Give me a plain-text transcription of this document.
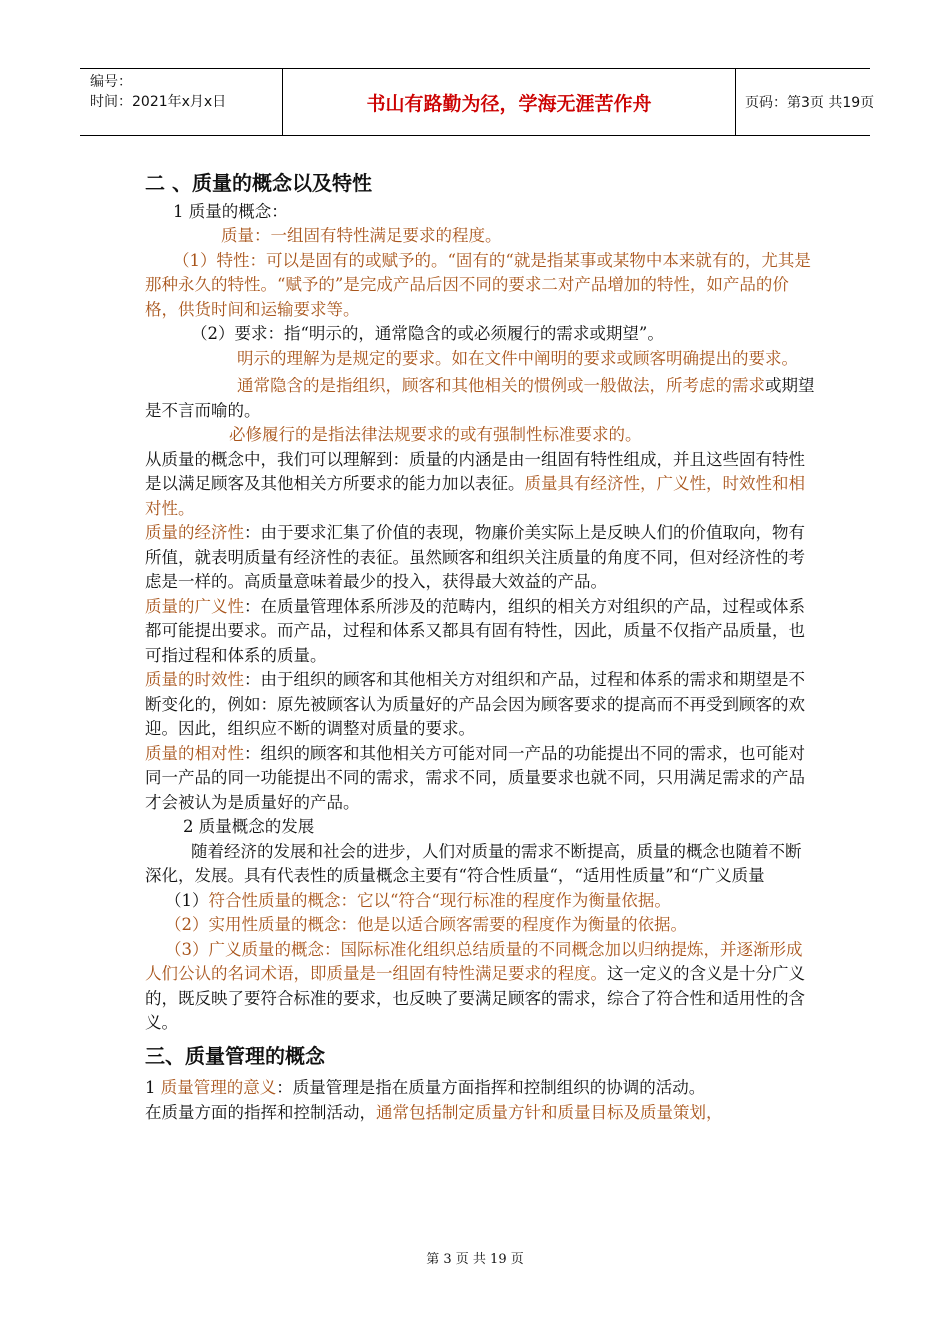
编号：
时间：2021年x月x日	书山有路勤为径，学海无涯苦作舟	页码：第3页 共19页

二 、质量的概念以及特性

1 质量的概念：

质量：一组固有特性满足要求的程度。

（1）特性：可以是固有的或赋予的。“固有的“就是指某事或某物中本来就有的，尤其是那种永久的特性。“赋予的”是完成产品后因不同的要求二对产品增加的特性，如产品的价格，供货时间和运输要求等。

（2）要求：指“明示的，通常隐含的或必须履行的需求或期望”。

明示的理解为是规定的要求。如在文件中阐明的要求或顾客明确提出的要求。

通常隐含的是指组织，顾客和其他相关的惯例或一般做法，所考虑的需求或期望是不言而喻的。

必修履行的是指法律法规要求的或有强制性标准要求的。

从质量的概念中，我们可以理解到：质量的内涵是由一组固有特性组成，并且这些固有特性是以满足顾客及其他相关方所要求的能力加以表征。质量具有经济性，广义性，时效性和相对性。

质量的经济性：由于要求汇集了价值的表现，物廉价美实际上是反映人们的价值取向，物有所值，就表明质量有经济性的表征。虽然顾客和组织关注质量的角度不同，但对经济性的考虑是一样的。高质量意味着最少的投入，获得最大效益的产品。

质量的广义性：在质量管理体系所涉及的范畴内，组织的相关方对组织的产品，过程或体系都可能提出要求。而产品，过程和体系又都具有固有特性，因此，质量不仅指产品质量，也可指过程和体系的质量。

质量的时效性：由于组织的顾客和其他相关方对组织和产品，过程和体系的需求和期望是不断变化的，例如：原先被顾客认为质量好的产品会因为顾客要求的提高而不再受到顾客的欢迎。因此，组织应不断的调整对质量的要求。

质量的相对性：组织的顾客和其他相关方可能对同一产品的功能提出不同的需求，也可能对同一产品的同一功能提出不同的需求，需求不同，质量要求也就不同，只用满足需求的产品才会被认为是质量好的产品。

2 质量概念的发展

随着经济的发展和社会的进步，人们对质量的需求不断提高，质量的概念也随着不断深化，发展。具有代表性的质量概念主要有“符合性质量“，“适用性质量”和“广义质量

（1）符合性质量的概念：它以“符合“现行标准的程度作为衡量依据。

（2）实用性质量的概念：他是以适合顾客需要的程度作为衡量的依据。

（3）广义质量的概念：国际标准化组织总结质量的不同概念加以归纳提炼，并逐渐形成人们公认的名词术语，即质量是一组固有特性满足要求的程度。这一定义的含义是十分广义的，既反映了要符合标准的要求，也反映了要满足顾客的需求，综合了符合性和适用性的含义。

三、质量管理的概念

1 质量管理的意义：质量管理是指在质量方面指挥和控制组织的协调的活动。

在质量方面的指挥和控制活动，通常包括制定质量方针和质量目标及质量策划，

第 3 页 共 19 页
